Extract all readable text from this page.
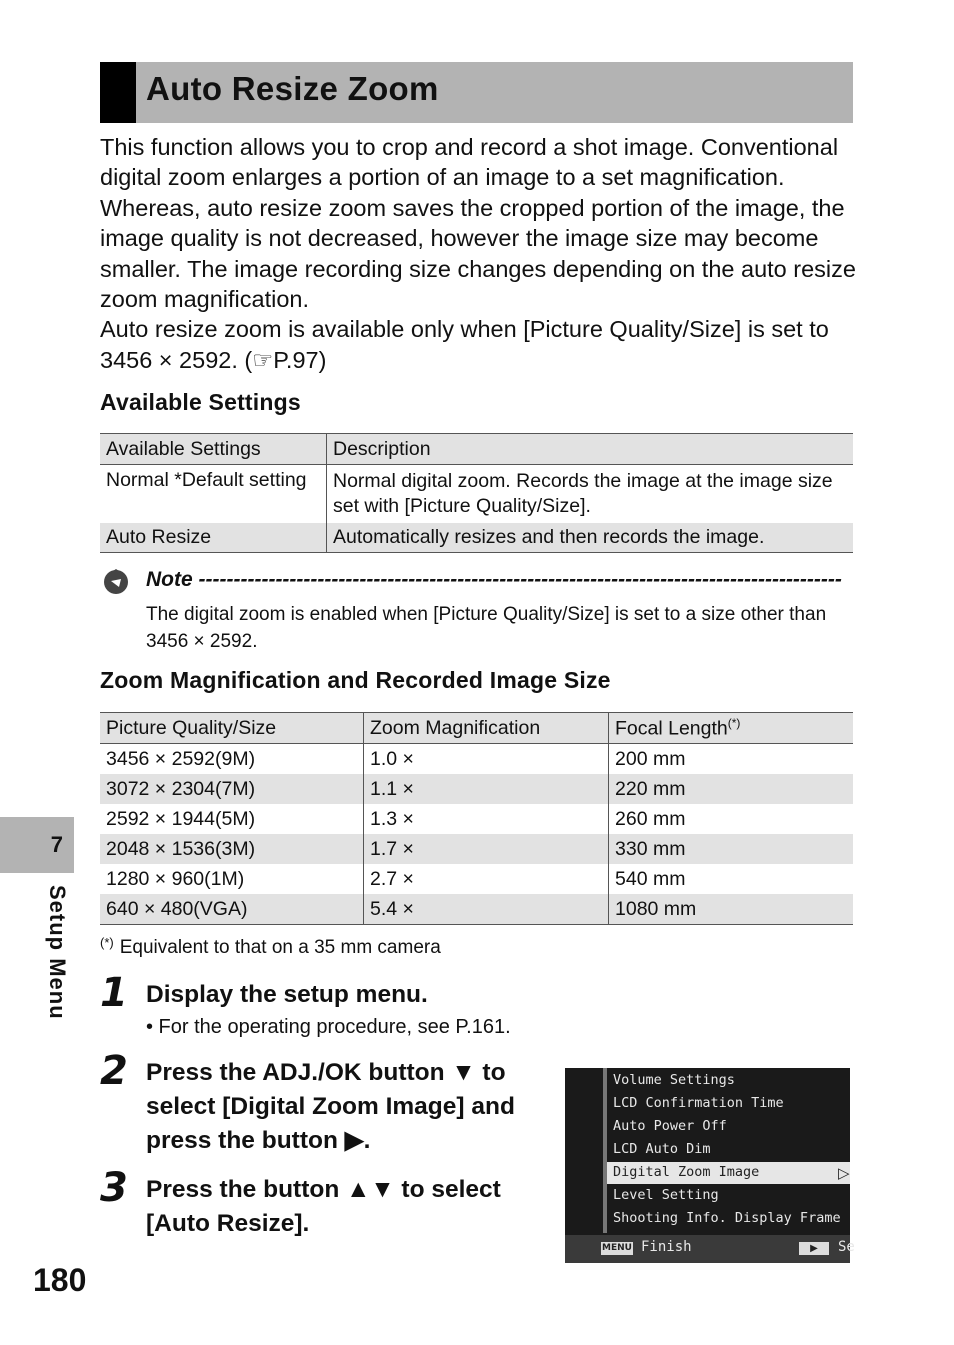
Auto Resize Zoom

This function allows you to crop and record a shot image. Conventional digital zoom enlarges a portion of an image to a set magnification. Whereas, auto resize zoom saves the cropped portion of the image, the image quality is not decreased, however the image size may become smaller. The image recording size changes depending on the auto resize zoom magnification.

Auto resize zoom is available only when [Picture Quality/Size] is set to 3456 × 2592. (☞P.97)

Available Settings
Available Settings	Description
Normal *Default setting	Normal digital zoom. Records the image at the image size set with [Picture Quality/Size].
Auto Resize	Automatically resizes and then records the image.
Note --------------------------------------------------------------------------------------------
The digital zoom is enabled when [Picture Quality/Size] is set to a size other than 3456 × 2592.
Zoom Magnification and Recorded Image Size
Picture Quality/Size	Zoom Magnification	Focal Length(*)
3456 × 2592(9M)	1.0 ×	200 mm
3072 × 2304(7M)	1.1 ×	220 mm
2592 × 1944(5M)	1.3 ×	260 mm
2048 × 1536(3M)	1.7 ×	330 mm
1280 × 960(1M)	2.7 ×	540 mm
640 × 480(VGA)	5.4 ×	1080 mm
(*) Equivalent to that on a 35 mm camera
1 Display the setup menu.
• For the operating procedure, see P.161.
2 Press the ADJ./OK button ▼ to select [Digital Zoom Image] and press the button ▶.
3 Press the button ▲▼ to select [Auto Resize].
Volume Settings
LCD Confirmation Time
Auto Power Off
LCD Auto Dim
Digital Zoom Image	▷
Level Setting
Shooting Info. Display Frame
MENU Finish	▶	Se
7
Setup Menu
180
